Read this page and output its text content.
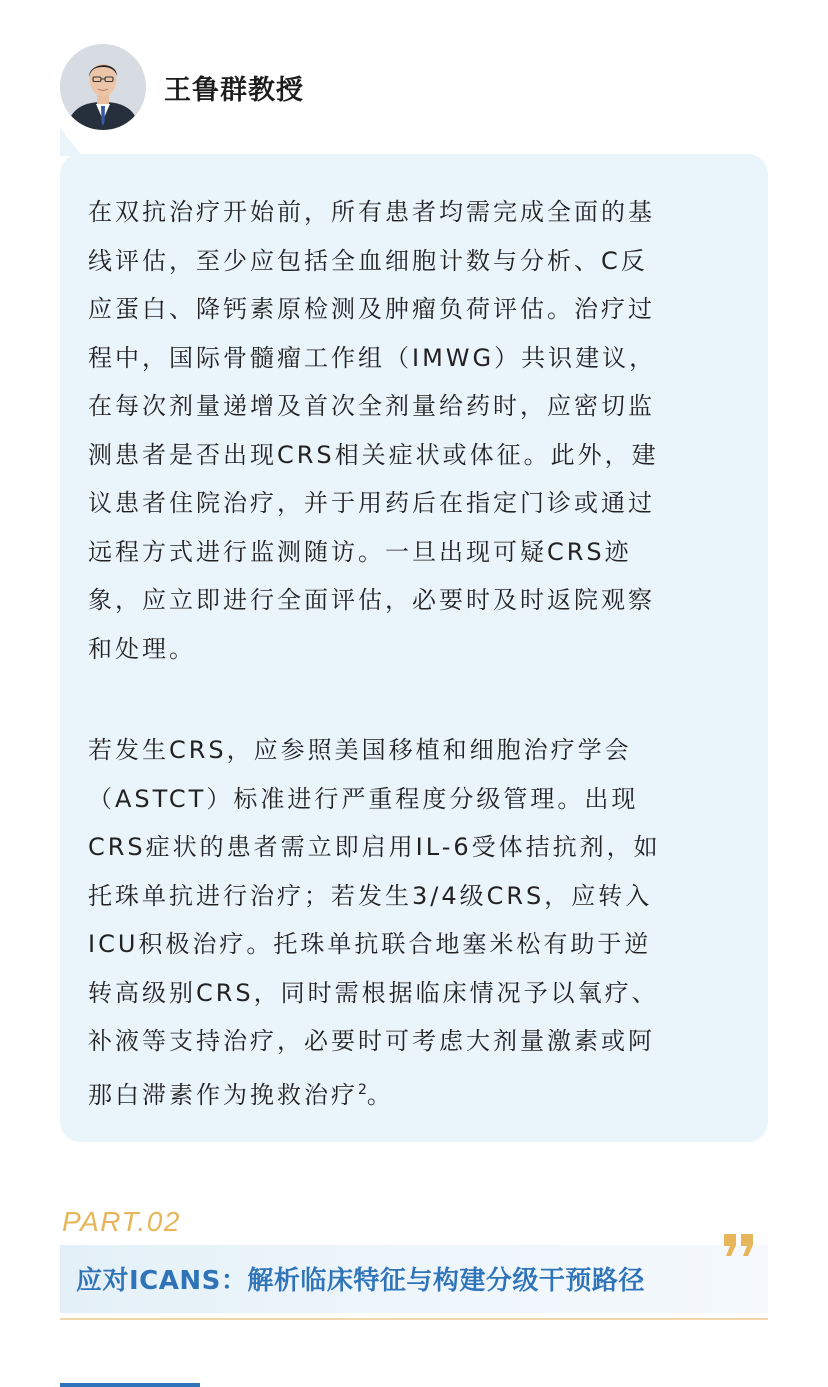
王鲁群教授

在双抗治疗开始前，所有患者均需完成全面的基
线评估，至少应包括全血细胞计数与分析、C反
应蛋白、降钙素原检测及肿瘤负荷评估。治疗过
程中，国际骨髓瘤工作组（IMWG）共识建议，
在每次剂量递增及首次全剂量给药时，应密切监
测患者是否出现CRS相关症状或体征。此外，建
议患者住院治疗，并于用药后在指定门诊或通过
远程方式进行监测随访。一旦出现可疑CRS迹
象，应立即进行全面评估，必要时及时返院观察
和处理。

若发生CRS，应参照美国移植和细胞治疗学会
（ASTCT）标准进行严重程度分级管理。出现
CRS症状的患者需立即启用IL-6受体拮抗剂，如
托珠单抗进行治疗；若发生3/4级CRS，应转入
ICU积极治疗。托珠单抗联合地塞米松有助于逆
转高级别CRS，同时需根据临床情况予以氧疗、
补液等支持治疗，必要时可考虑大剂量激素或阿
那白滞素作为挽救治疗$^2$。

PART.02
应对ICANS：解析临床特征与构建分级干预路径
